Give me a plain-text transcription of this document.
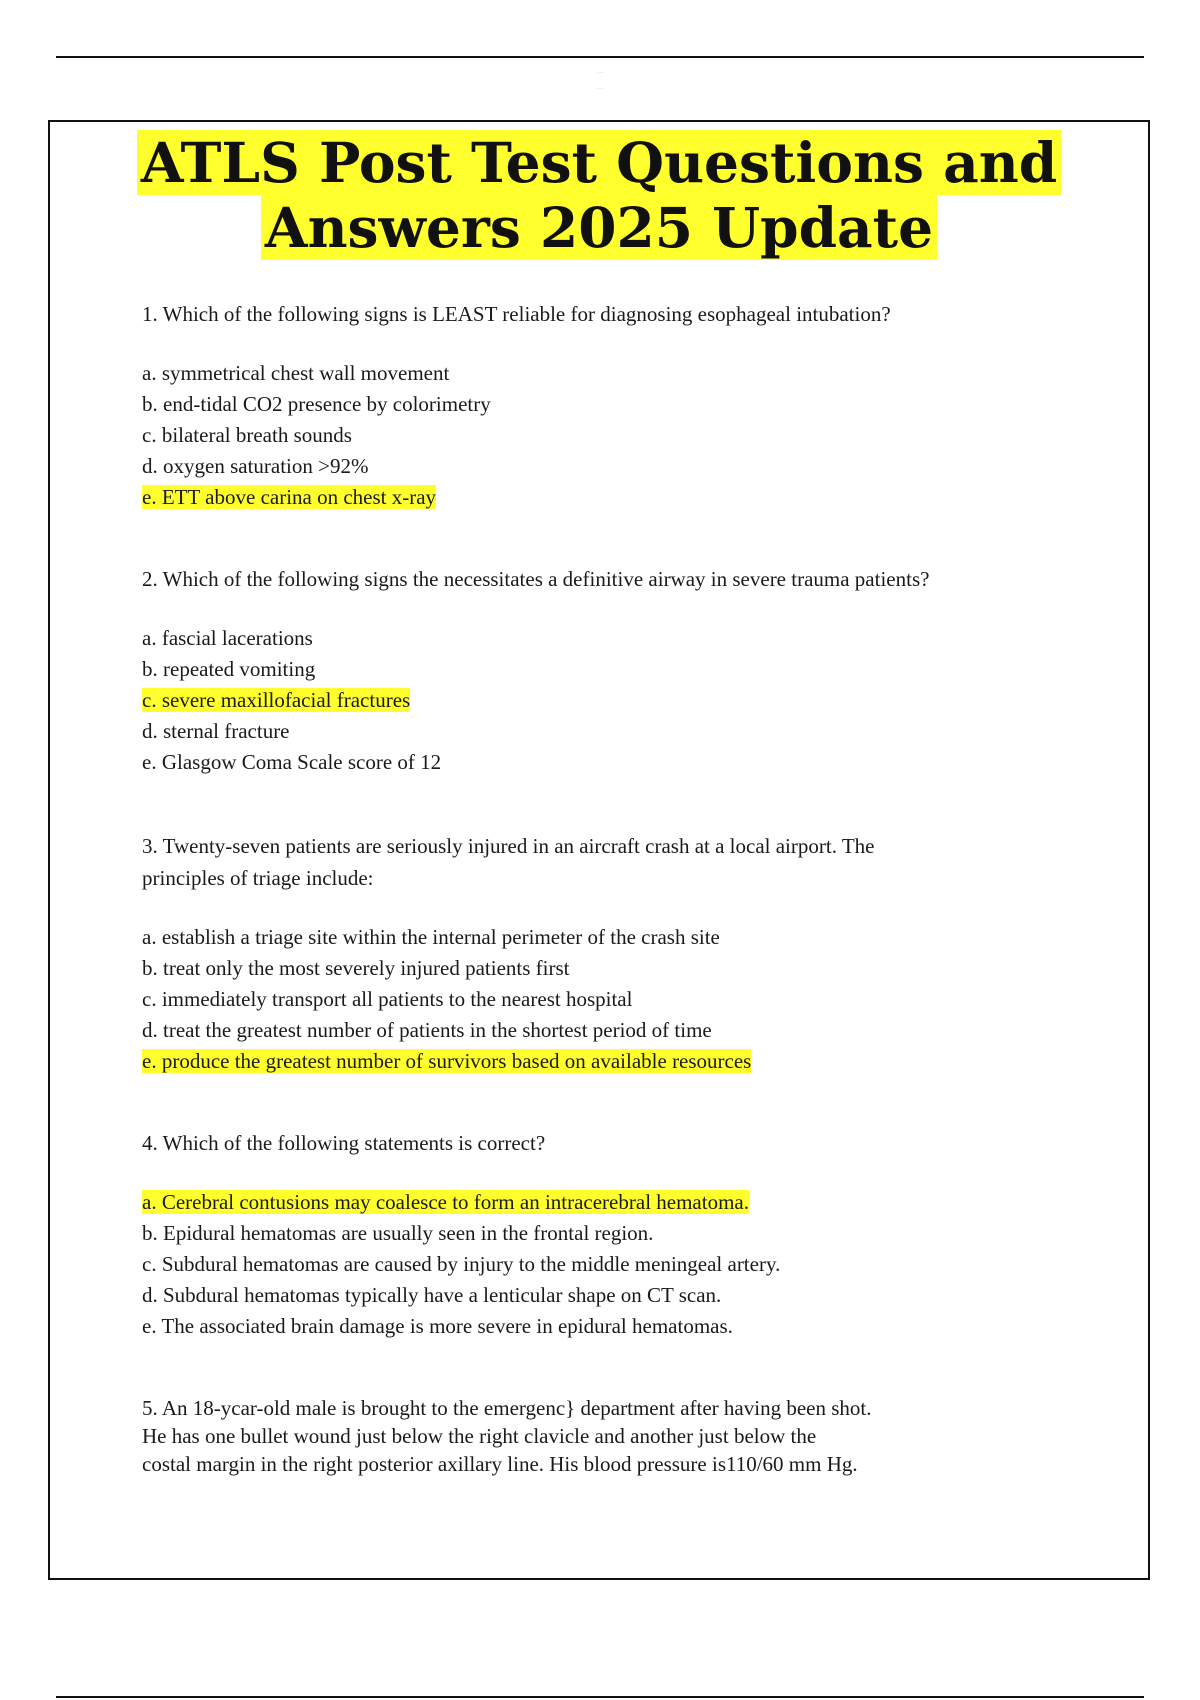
·· ···
·····
ATLS Post Test Questions and
Answers 2025 Update
1. Which of the following signs is LEAST reliable for diagnosing esophageal intubation?
a. symmetrical chest wall movement
b. end-tidal CO2 presence by colorimetry
c. bilateral breath sounds
d. oxygen saturation >92%
e. ETT above carina on chest x-ray
2. Which of the following signs the necessitates a definitive airway in severe trauma patients?
a. fascial lacerations
b. repeated vomiting
c. severe maxillofacial fractures
d. sternal fracture
e. Glasgow Coma Scale score of 12
3. Twenty-seven patients are seriously injured in an aircraft crash at a local airport. The
principles of triage include:
a. establish a triage site within the internal perimeter of the crash site
b. treat only the most severely injured patients first
c. immediately transport all patients to the nearest hospital
d. treat the greatest number of patients in the shortest period of time
e. produce the greatest number of survivors based on available resources
4. Which of the following statements is correct?
a. Cerebral contusions may coalesce to form an intracerebral hematoma.
b. Epidural hematomas are usually seen in the frontal region.
c. Subdural hematomas are caused by injury to the middle meningeal artery.
d. Subdural hematomas typically have a lenticular shape on CT scan.
e. The associated brain damage is more severe in epidural hematomas.
5. An 18-ycar-old male is brought to the emergenc} department after having been shot.
He has one bullet wound just below the right clavicle and another just below the
costal margin in the right posterior axillary line. His blood pressure is110/60 mm Hg.
